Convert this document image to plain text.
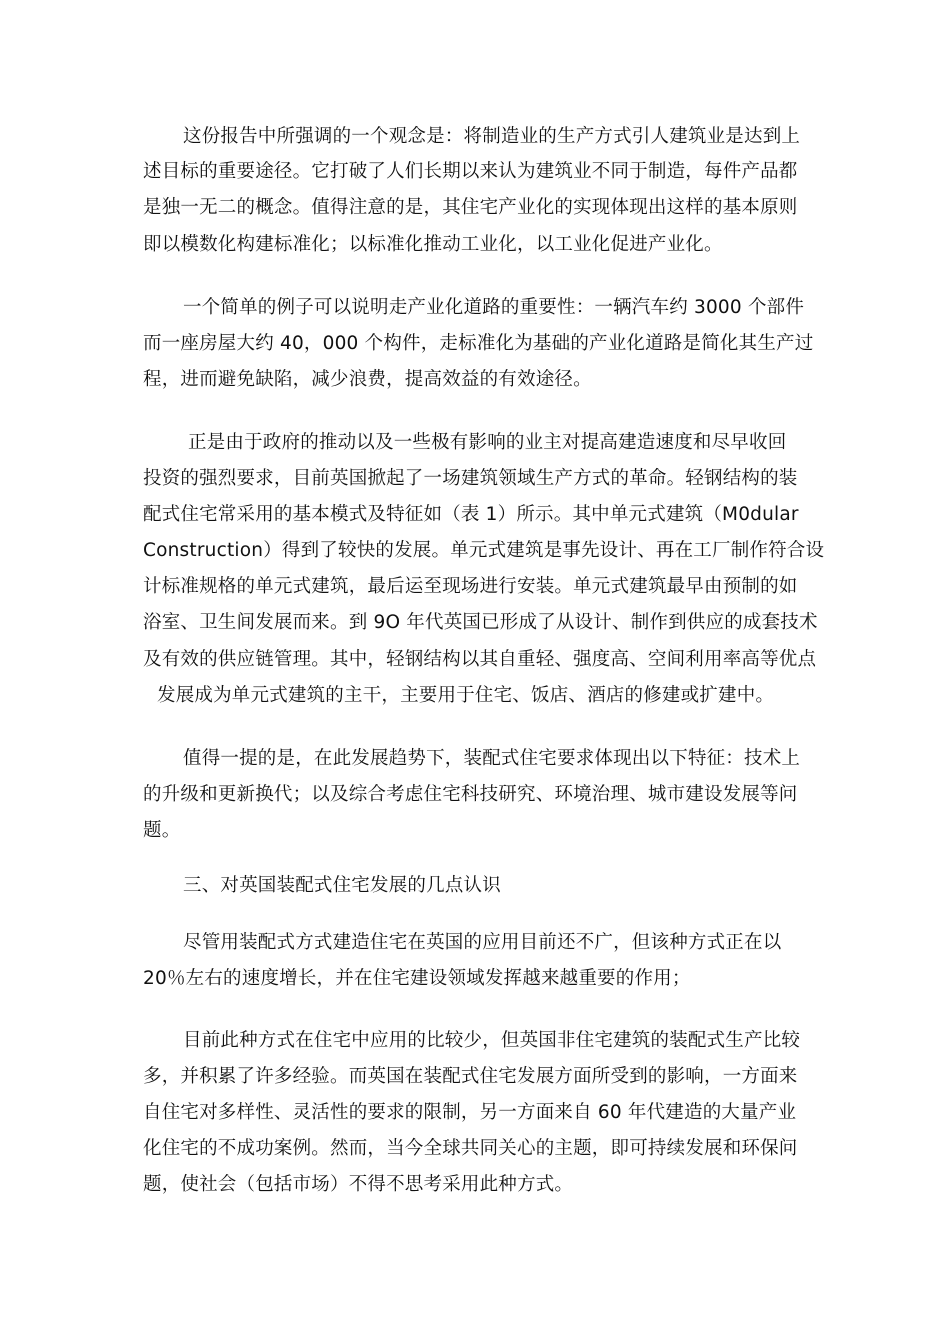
这份报告中所强调的一个观念是：将制造业的生产方式引人建筑业是达到上
述目标的重要途径。它打破了人们长期以来认为建筑业不同于制造，每件产品都
是独一无二的概念。值得注意的是，其住宅产业化的实现体现出这样的基本原则
即以模数化构建标准化；以标准化推动工业化，以工业化促进产业化。
一个简单的例子可以说明走产业化道路的重要性：一辆汽车约 3000 个部件
而一座房屋大约 40，000 个构件，走标准化为基础的产业化道路是简化其生产过
程，进而避免缺陷，减少浪费，提高效益的有效途径。
正是由于政府的推动以及一些极有影响的业主对提高建造速度和尽早收回
投资的强烈要求，目前英国掀起了一场建筑领域生产方式的革命。轻钢结构的装
配式住宅常采用的基本模式及特征如（表 1）所示。其中单元式建筑（M0dular
Construction）得到了较快的发展。单元式建筑是事先设计、再在工厂制作符合设
计标准规格的单元式建筑，最后运至现场进行安装。单元式建筑最早由预制的如
浴室、卫生间发展而来。到 9O 年代英国已形成了从设计、制作到供应的成套技术
及有效的供应链管理。其中，轻钢结构以其自重轻、强度高、空间利用率高等优点
发展成为单元式建筑的主干，主要用于住宅、饭店、酒店的修建或扩建中。
值得一提的是，在此发展趋势下，装配式住宅要求体现出以下特征：技术上
的升级和更新换代；以及综合考虑住宅科技研究、环境治理、城市建设发展等问
题。
三、对英国装配式住宅发展的几点认识
尽管用装配式方式建造住宅在英国的应用目前还不广，但该种方式正在以
20％左右的速度增长，并在住宅建设领域发挥越来越重要的作用；
目前此种方式在住宅中应用的比较少，但英国非住宅建筑的装配式生产比较
多，并积累了许多经验。而英国在装配式住宅发展方面所受到的影响，一方面来
自住宅对多样性、灵活性的要求的限制，另一方面来自 60 年代建造的大量产业
化住宅的不成功案例。然而，当今全球共同关心的主题，即可持续发展和环保问
题，使社会（包括市场）不得不思考采用此种方式。
